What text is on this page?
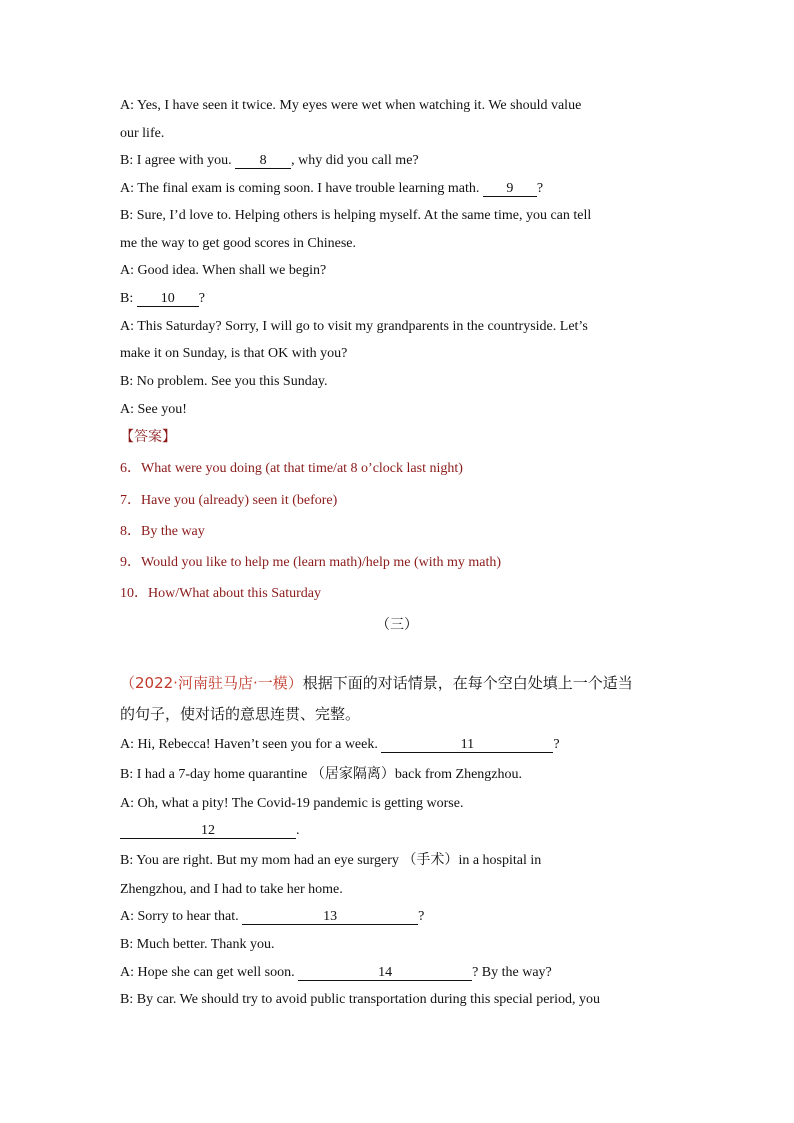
A: Yes, I have seen it twice. My eyes were wet when watching it. We should value
our life.
B: I agree with you. 8 , why did you call me?
A: The final exam is coming soon. I have trouble learning math. 9 ?
B: Sure, I’d love to. Helping others is helping myself. At the same time, you can tell
me the way to get good scores in Chinese.
A: Good idea. When shall we begin?
B: 10 ?
A: This Saturday? Sorry, I will go to visit my grandparents in the countryside. Let’s
make it on Sunday, is that OK with you?
B: No problem. See you this Sunday.
A: See you!
【答案】
6．What were you doing (at that time/at 8 o’clock last night)
7．Have you (already) seen it (before)
8．By the way
9．Would you like to help me (learn math)/help me (with my math)
10．How/What about this Saturday
（三）
（2022·河南驻马店·一模）根据下面的对话情景，在每个空白处填上一个适当
的句子，使对话的意思连贯、完整。
A: Hi, Rebecca! Haven’t seen you for a week.	11	?
B: I had a 7-day home quarantine （居家隔离）back from Zhengzhou.
A: Oh, what a pity! The Covid-19 pandemic is getting worse.
12	.
B: You are right. But my mom had an eye surgery （手术）in a hospital in
Zhengzhou, and I had to take her home.
A: Sorry to hear that.	13	?
B: Much better. Thank you.
A: Hope she can get well soon.	14	? By the way?
B: By car. We should try to avoid public transportation during this special period, you
